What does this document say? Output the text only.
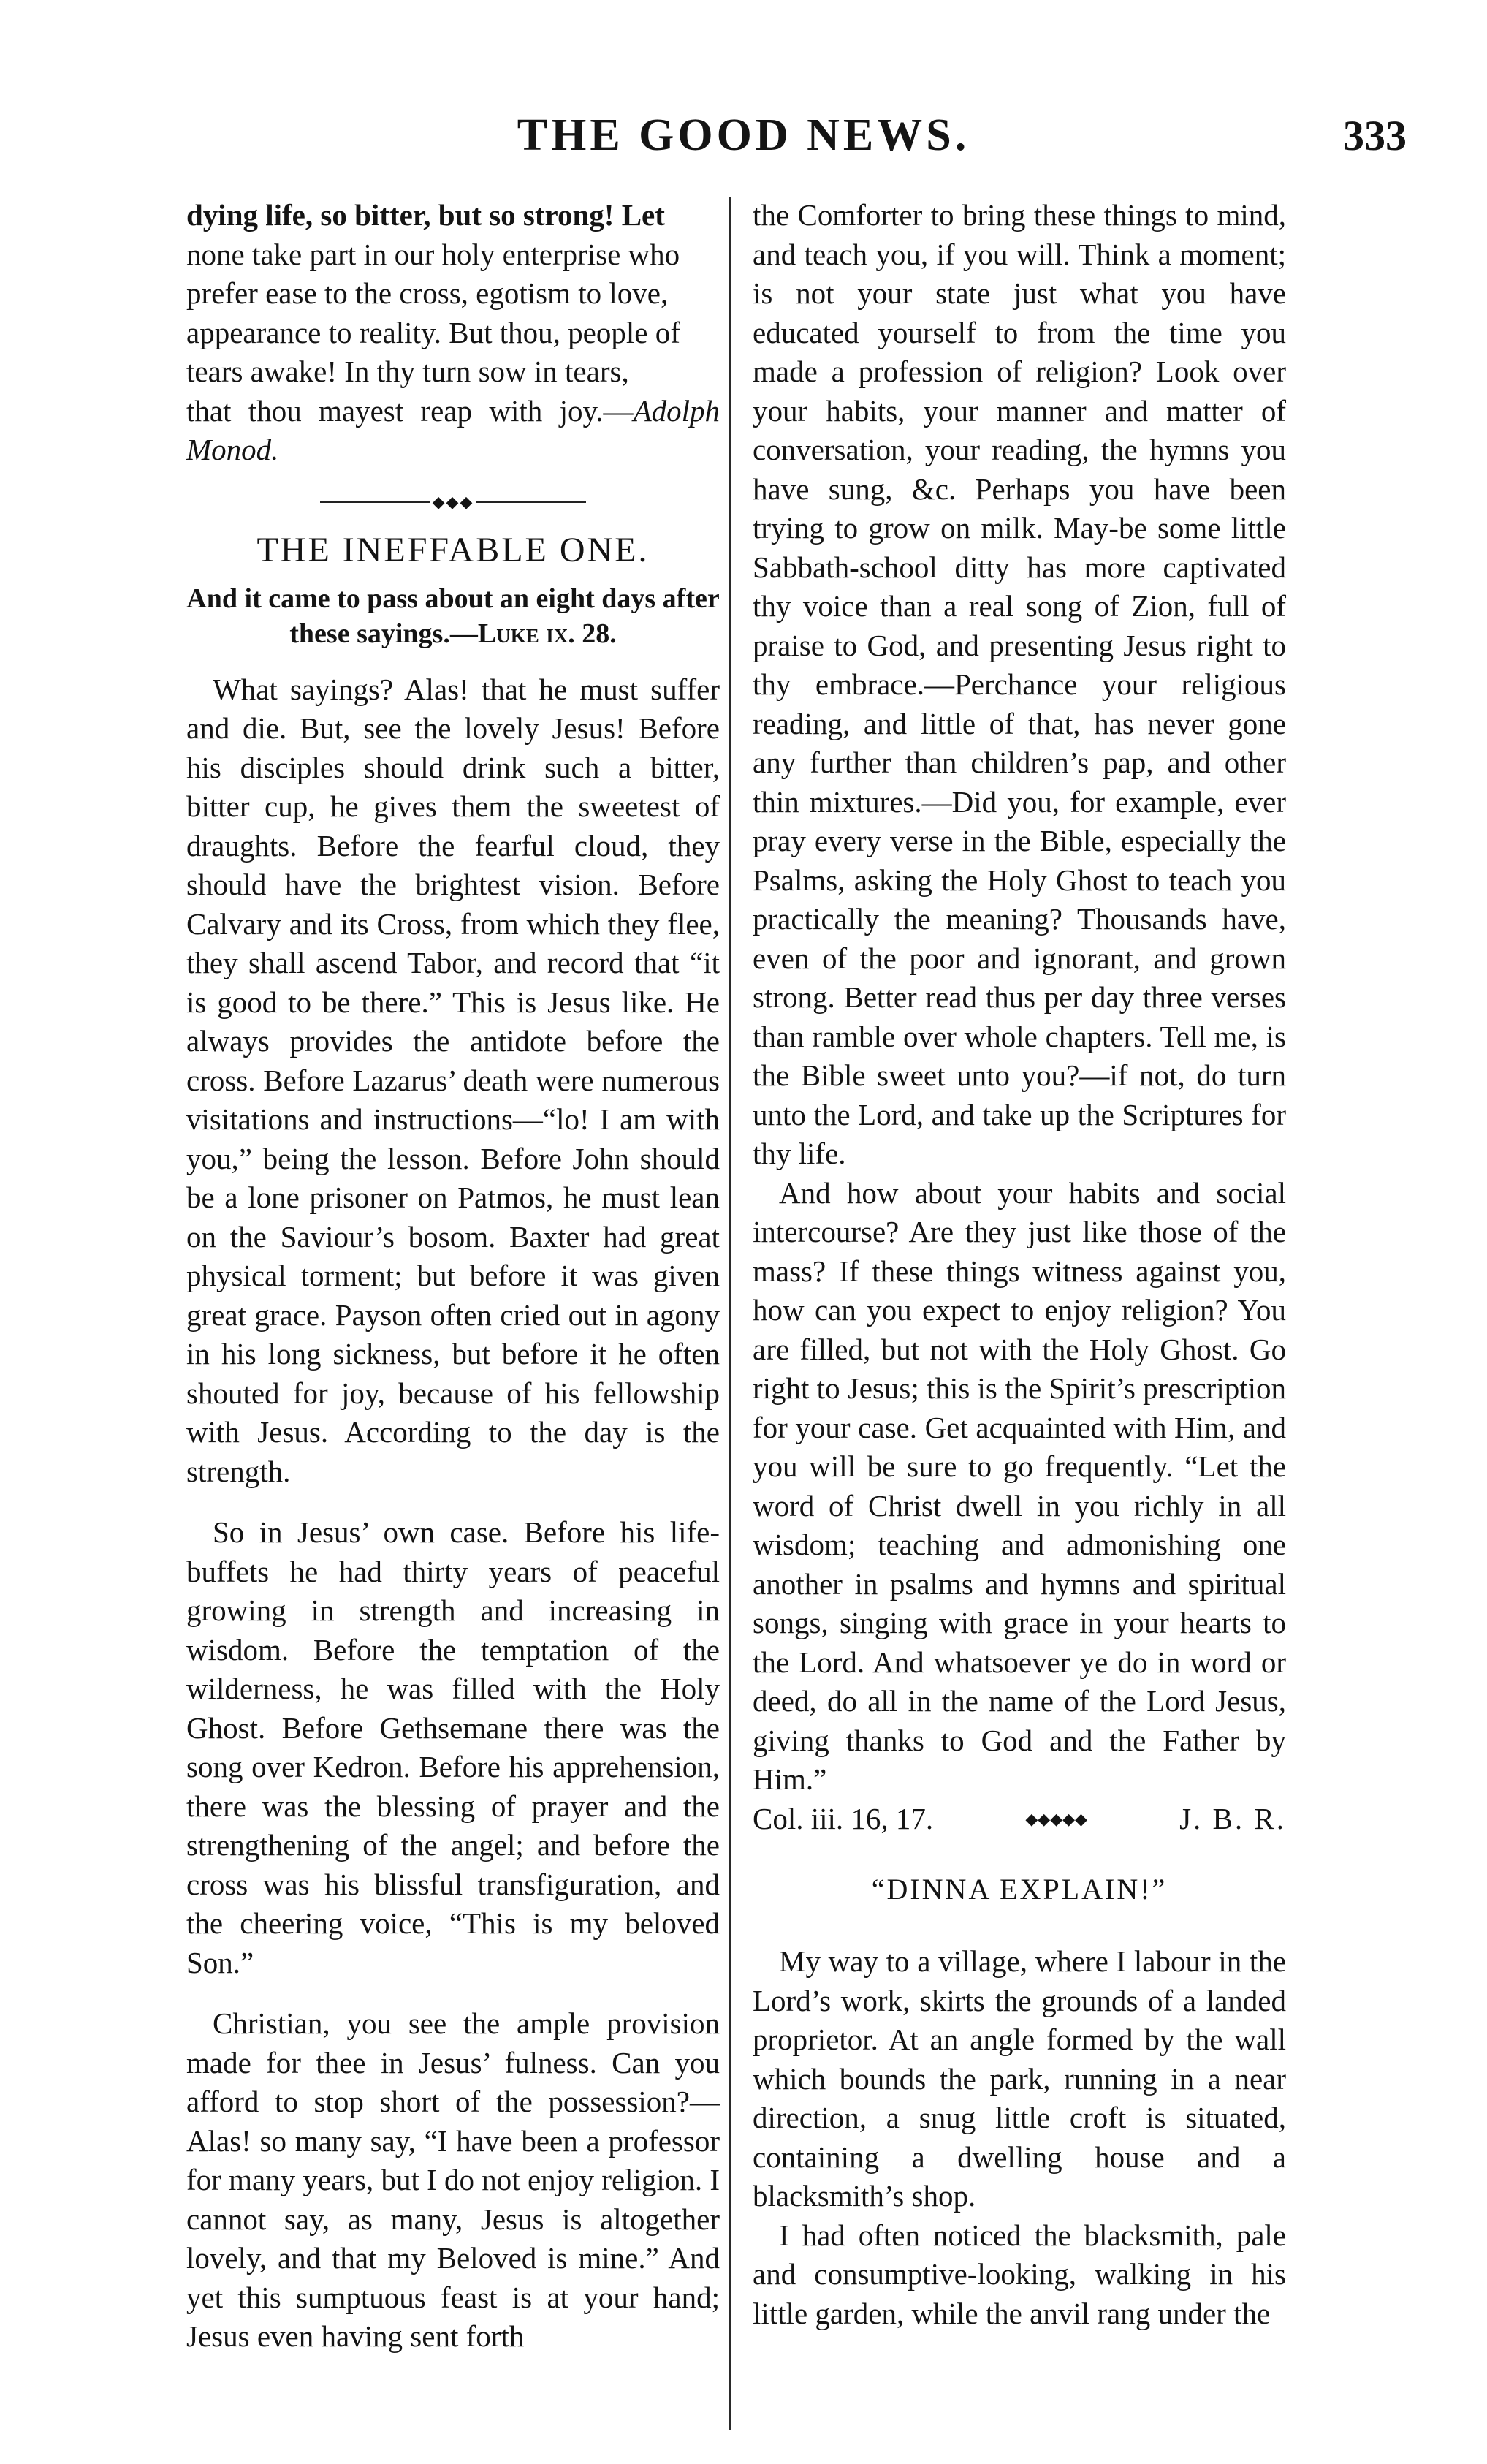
THE GOOD NEWS.	333

dying life, so bitter, but so strong! Let

none take part in our holy enterprise who

prefer ease to the cross, egotism to love,

appearance to reality. But thou, people of

tears awake! In thy turn sow in tears,

that thou mayest reap with joy.—Adolph Monod.

◆◆◆
THE INEFFABLE ONE.
And it came to pass about an eight days after these sayings.—Luke ix. 28.

What sayings? Alas! that he must suffer and die. But, see the lovely Jesus! Before his disciples should drink such a bitter, bitter cup, he gives them the sweetest of draughts. Before the fearful cloud, they should have the brightest vision. Before Calvary and its Cross, from which they flee, they shall ascend Tabor, and record that “it is good to be there.” This is Jesus like. He always provides the antidote before the cross. Before Lazarus’ death were numerous visitations and instructions—“lo! I am with you,” being the lesson. Before John should be a lone prisoner on Patmos, he must lean on the Saviour’s bosom. Baxter had great physical torment; but before it was given great grace. Payson often cried out in agony in his long sickness, but before it he often shouted for joy, because of his fellowship with Jesus. According to the day is the strength.

So in Jesus’ own case. Before his life-buffets he had thirty years of peaceful growing in strength and increasing in wisdom. Before the temptation of the wilderness, he was filled with the Holy Ghost. Before Gethsemane there was the song over Kedron. Before his apprehension, there was the blessing of prayer and the strengthening of the angel; and before the cross was his blissful transfiguration, and the cheering voice, “This is my beloved Son.”

Christian, you see the ample provision made for thee in Jesus’ fulness. Can you afford to stop short of the possession?—Alas! so many say, “I have been a professor for many years, but I do not enjoy religion. I cannot say, as many, Jesus is altogether lovely, and that my Beloved is mine.” And yet this sumptuous feast is at your hand; Jesus even having sent forth

the Comforter to bring these things to mind, and teach you, if you will. Think a moment; is not your state just what you have educated yourself to from the time you made a profession of religion? Look over your habits, your manner and matter of conversation, your reading, the hymns you have sung, &c. Perhaps you have been trying to grow on milk. May-be some little Sabbath-school ditty has more captivated thy voice than a real song of Zion, full of praise to God, and presenting Jesus right to thy embrace.—Perchance your religious reading, and little of that, has never gone any further than children’s pap, and other thin mixtures.—Did you, for example, ever pray every verse in the Bible, especially the Psalms, asking the Holy Ghost to teach you practically the meaning? Thousands have, even of the poor and ignorant, and grown strong. Better read thus per day three verses than ramble over whole chapters. Tell me, is the Bible sweet unto you?—if not, do turn unto the Lord, and take up the Scriptures for thy life.

And how about your habits and social intercourse? Are they just like those of the mass? If these things witness against you, how can you expect to enjoy religion? You are filled, but not with the Holy Ghost. Go right to Jesus; this is the Spirit’s prescription for your case. Get acquainted with Him, and you will be sure to go frequently. “Let the word of Christ dwell in you richly in all wisdom; teaching and admonishing one another in psalms and hymns and spiritual songs, singing with grace in your hearts to the Lord. And whatsoever ye do in word or deed, do all in the name of the Lord Jesus, giving thanks to God and the Father by Him.”

Col. iii. 16, 17.	◆◆◆◆◆	J. B. R.
“DINNA EXPLAIN!”

My way to a village, where I labour in the Lord’s work, skirts the grounds of a landed proprietor. At an angle formed by the wall which bounds the park, running in a near direction, a snug little croft is situated, containing a dwelling house and a blacksmith’s shop.

I had often noticed the blacksmith, pale and consumptive-looking, walking in his little garden, while the anvil rang under the
